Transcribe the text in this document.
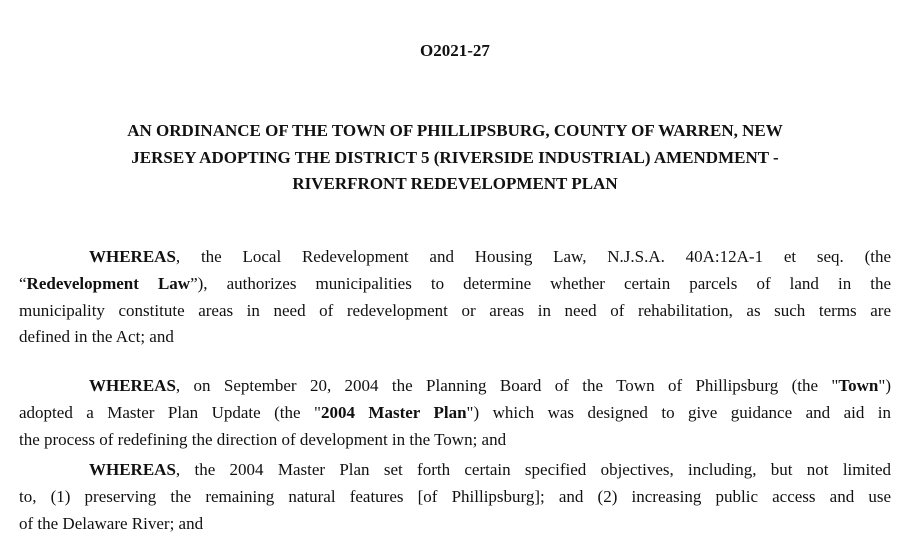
O2021-27
AN ORDINANCE OF THE TOWN OF PHILLIPSBURG, COUNTY OF WARREN, NEW
JERSEY ADOPTING THE DISTRICT 5 (RIVERSIDE INDUSTRIAL) AMENDMENT -
RIVERFRONT REDEVELOPMENT PLAN
WHEREAS, the Local Redevelopment and Housing Law, N.J.S.A. 40A:12A-1 et seq. (the
“Redevelopment Law”), authorizes municipalities to determine whether certain parcels of land in the
municipality constitute areas in need of redevelopment or areas in need of rehabilitation, as such terms are
defined in the Act; and
WHEREAS, on September 20, 2004 the Planning Board of the Town of Phillipsburg (the "Town")
adopted a Master Plan Update (the "2004 Master Plan") which was designed to give guidance and aid in
the process of redefining the direction of development in the Town; and
WHEREAS, the 2004 Master Plan set forth certain specified objectives, including, but not limited
to, (1) preserving the remaining natural features [of Phillipsburg]; and (2) increasing public access and use
of the Delaware River; and
